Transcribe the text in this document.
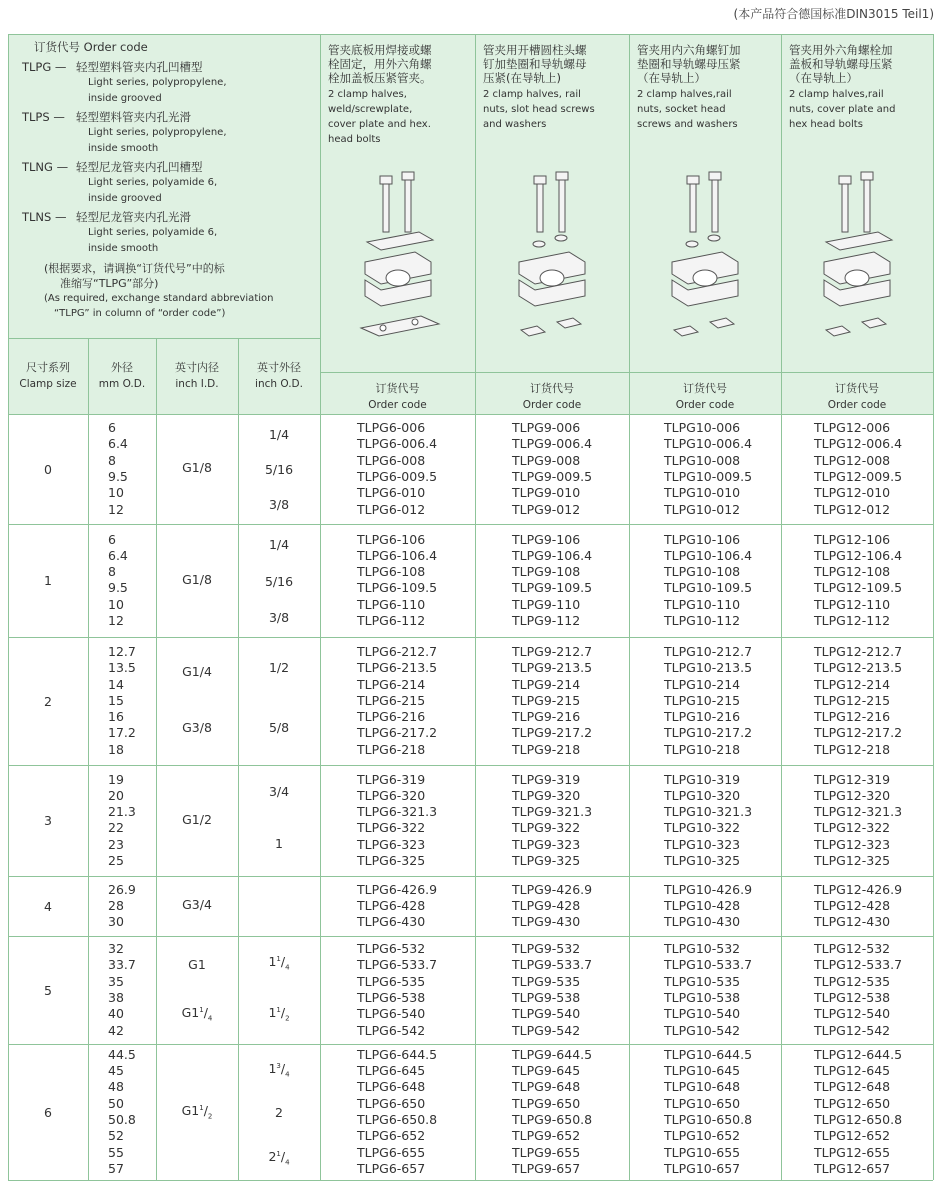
(本产品符合德国标准DIN3015 Teil1)
订货代号 Order code
TLPG — 轻型塑料管夹内孔凹槽型
Light series, polypropylene,
inside grooved
TLPS — 轻型塑料管夹内孔光滑
Light series, polypropylene,
inside smooth
TLNG — 轻型尼龙管夹内孔凹槽型
Light series, polyamide 6,
inside grooved
TLNS — 轻型尼龙管夹内孔光滑
Light series, polyamide 6,
inside smooth
(根据要求，请调换“订货代号”中的标
准缩写“TLPG”部分)
(As required, exchange standard abbreviation
“TLPG” in column of “order code”)
管夹底板用焊接或螺
栓固定，用外六角螺
栓加盖板压紧管夹。
2 clamp halves,
weld/screwplate,
cover plate and hex.
head bolts
管夹用开槽圆柱头螺
钉加垫圈和导轨螺母
压紧(在导轨上)
2 clamp halves, rail
nuts, slot head screws
and washers
管夹用内六角螺钉加
垫圈和导轨螺母压紧
（在导轨上）
2 clamp halves,rail
nuts, socket head
screws and washers
管夹用外六角螺栓加
盖板和导轨螺母压紧
（在导轨上）
2 clamp halves,rail
nuts, cover plate and
hex head bolts
尺寸系列
Clamp size
外径
mm O.D.
英寸内径
inch I.D.
英寸外径
inch O.D.	订货代号
Order code
订货代号
Order code
订货代号
Order code
订货代号
Order code
0
6
6.4
8
9.5
10
12
G1/8
1/4
5/16
3/8
TLPG6-006
TLPG6-006.4
TLPG6-008
TLPG6-009.5
TLPG6-010
TLPG6-012
TLPG9-006
TLPG9-006.4
TLPG9-008
TLPG9-009.5
TLPG9-010
TLPG9-012
TLPG10-006
TLPG10-006.4
TLPG10-008
TLPG10-009.5
TLPG10-010
TLPG10-012
TLPG12-006
TLPG12-006.4
TLPG12-008
TLPG12-009.5
TLPG12-010
TLPG12-012
1
6
6.4
8
9.5
10
12
G1/8
1/4
5/16
3/8
TLPG6-106
TLPG6-106.4
TLPG6-108
TLPG6-109.5
TLPG6-110
TLPG6-112
TLPG9-106
TLPG9-106.4
TLPG9-108
TLPG9-109.5
TLPG9-110
TLPG9-112
TLPG10-106
TLPG10-106.4
TLPG10-108
TLPG10-109.5
TLPG10-110
TLPG10-112
TLPG12-106
TLPG12-106.4
TLPG12-108
TLPG12-109.5
TLPG12-110
TLPG12-112
2
12.7
13.5
14
15
16
17.2
18
G1/4
G3/8
1/2
5/8
TLPG6-212.7
TLPG6-213.5
TLPG6-214
TLPG6-215
TLPG6-216
TLPG6-217.2
TLPG6-218
TLPG9-212.7
TLPG9-213.5
TLPG9-214
TLPG9-215
TLPG9-216
TLPG9-217.2
TLPG9-218
TLPG10-212.7
TLPG10-213.5
TLPG10-214
TLPG10-215
TLPG10-216
TLPG10-217.2
TLPG10-218
TLPG12-212.7
TLPG12-213.5
TLPG12-214
TLPG12-215
TLPG12-216
TLPG12-217.2
TLPG12-218
3
19
20
21.3
22
23
25
G1/2
3/4
1
TLPG6-319
TLPG6-320
TLPG6-321.3
TLPG6-322
TLPG6-323
TLPG6-325
TLPG9-319
TLPG9-320
TLPG9-321.3
TLPG9-322
TLPG9-323
TLPG9-325
TLPG10-319
TLPG10-320
TLPG10-321.3
TLPG10-322
TLPG10-323
TLPG10-325
TLPG12-319
TLPG12-320
TLPG12-321.3
TLPG12-322
TLPG12-323
TLPG12-325
4
26.9
28
30
G3/4
TLPG6-426.9
TLPG6-428
TLPG6-430
TLPG9-426.9
TLPG9-428
TLPG9-430
TLPG10-426.9
TLPG10-428
TLPG10-430
TLPG12-426.9
TLPG12-428
TLPG12-430
5
32
33.7
35
38
40
42
G1
$G1^1/_4$
$1^1/_4$
$1^1/_2$
TLPG6-532
TLPG6-533.7
TLPG6-535
TLPG6-538
TLPG6-540
TLPG6-542
TLPG9-532
TLPG9-533.7
TLPG9-535
TLPG9-538
TLPG9-540
TLPG9-542
TLPG10-532
TLPG10-533.7
TLPG10-535
TLPG10-538
TLPG10-540
TLPG10-542
TLPG12-532
TLPG12-533.7
TLPG12-535
TLPG12-538
TLPG12-540
TLPG12-542
6
44.5
45
48
50
50.8
52
55
57
$G1^1/_2$
$1^3/_4$
2
$2^1/_4$
TLPG6-644.5
TLPG6-645
TLPG6-648
TLPG6-650
TLPG6-650.8
TLPG6-652
TLPG6-655
TLPG6-657
TLPG9-644.5
TLPG9-645
TLPG9-648
TLPG9-650
TLPG9-650.8
TLPG9-652
TLPG9-655
TLPG9-657
TLPG10-644.5
TLPG10-645
TLPG10-648
TLPG10-650
TLPG10-650.8
TLPG10-652
TLPG10-655
TLPG10-657
TLPG12-644.5
TLPG12-645
TLPG12-648
TLPG12-650
TLPG12-650.8
TLPG12-652
TLPG12-655
TLPG12-657
